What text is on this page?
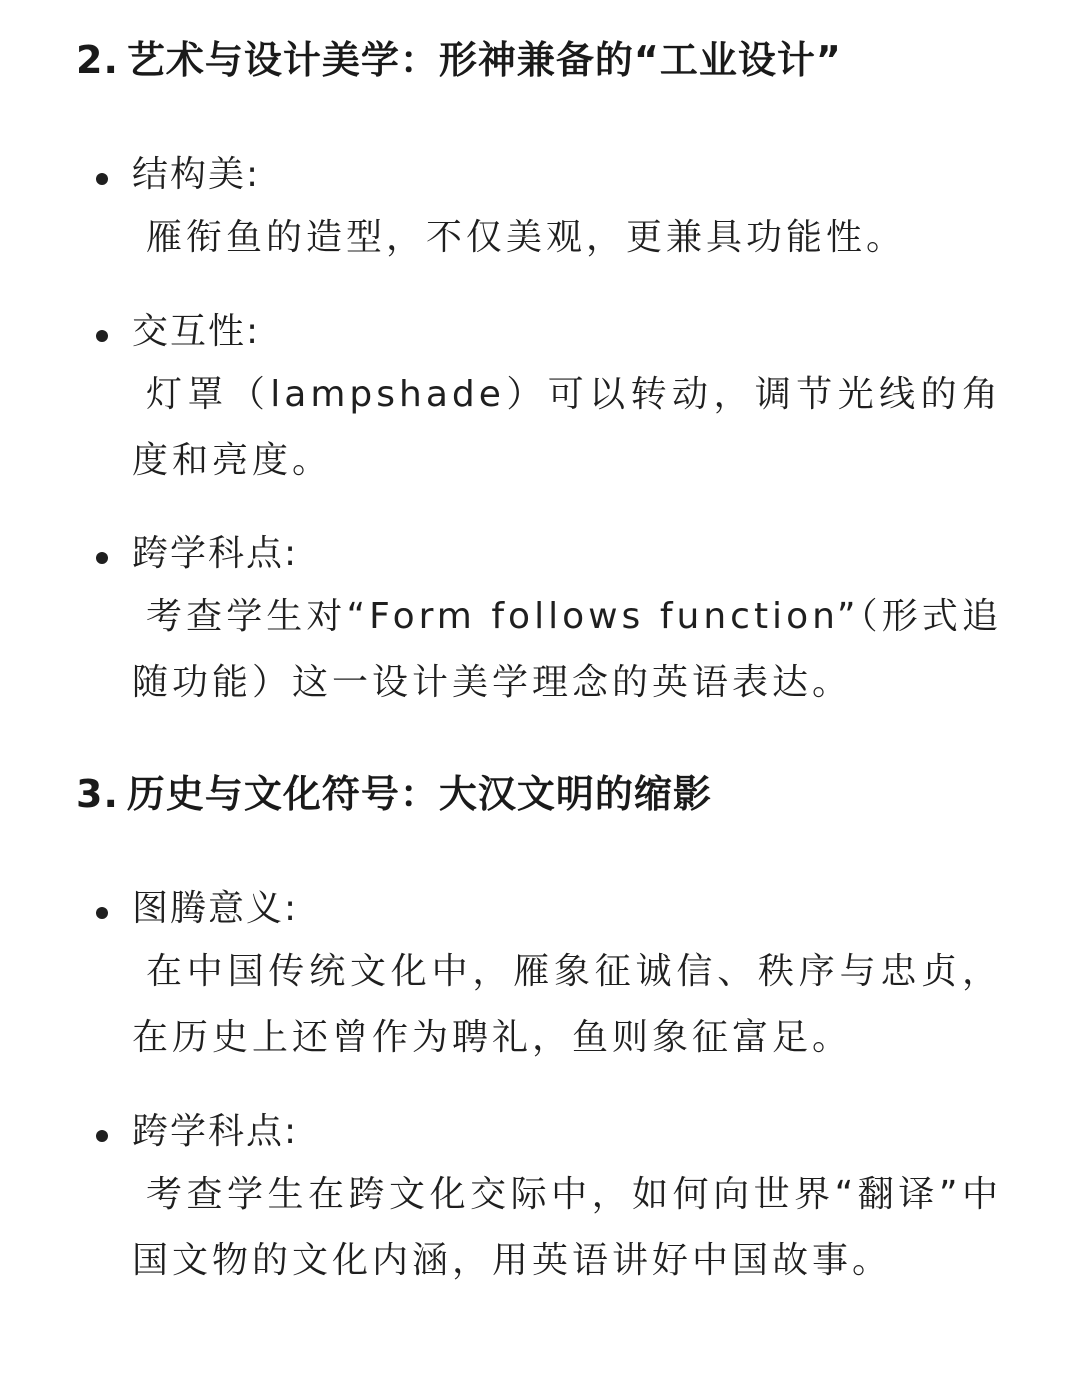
2. 艺术与设计美学：形神兼备的“工业设计”
结构美:
雁衔鱼的造型，不仅美观，更兼具功能性。
交互性:
灯罩（lampshade）可以转动，调节光线的角度和亮度。
跨学科点:
考查学生对“Form follows function”（形式追随功能）这一设计美学理念的英语表达。
3. 历史与文化符号：大汉文明的缩影
图腾意义:
在中国传统文化中，雁象征诚信、秩序与忠贞，在历史上还曾作为聘礼，鱼则象征富足。
跨学科点:
考查学生在跨文化交际中，如何向世界“翻译”中国文物的文化内涵，用英语讲好中国故事。
